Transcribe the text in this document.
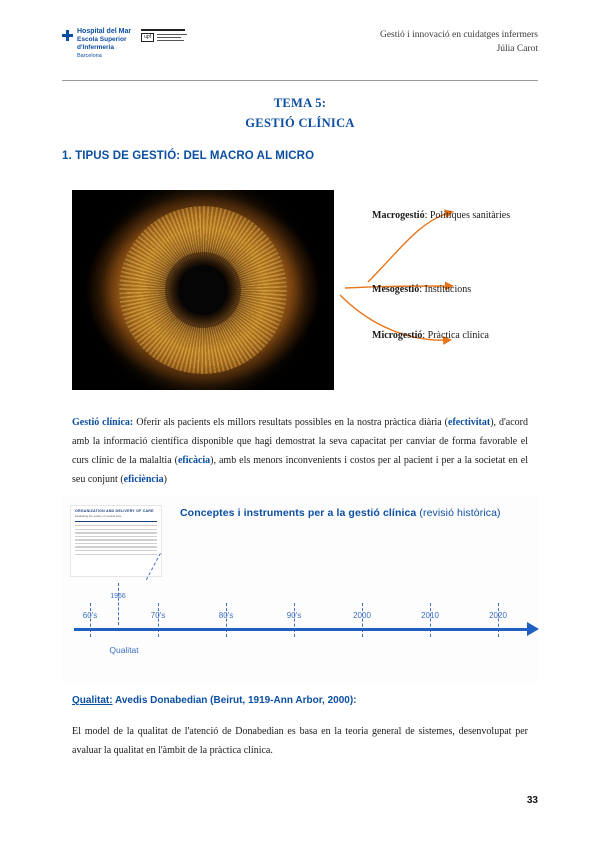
Hospital del Mar
Escola Superior
d'Infermeria
Barcelona
upf	Gestió i innovació en cuidatges infermers
Júlia Carot
TEMA 5:
GESTIÓ CLÍNICA
1. TIPUS DE GESTIÓ: DEL MACRO AL MICRO
Macrogestió: Polítiques sanitàries
Mesogestió: Institucions
Microgestió: Pràctica clínica
Gestió clínica: Oferir als pacients els millors resultats possibles en la nostra pràctica diària (efectivitat), d'acord amb la informació científica disponible que hagi demostrat la seva capacitat per canviar de forma favorable el curs clínic de la malaltia (eficàcia), amb els menors inconvenients i costos per al pacient i per a la societat en el seu conjunt (eficiència)
ORGANIZATION AND DELIVERY OF CARE
Evaluating the quality of medical care	Conceptes i instruments per a la gestió clínica (revisió històrica)
1966
60's	70's	80's	90's	2000	2010	2020
Qualitat
Qualitat: Avedis Donabedian (Beirut, 1919-Ann Arbor, 2000):
El model de la qualitat de l'atenció de Donabedian es basa en la teoria general de sistemes, desenvolupat per avaluar la qualitat en l'àmbit de la pràctica clínica.
33
